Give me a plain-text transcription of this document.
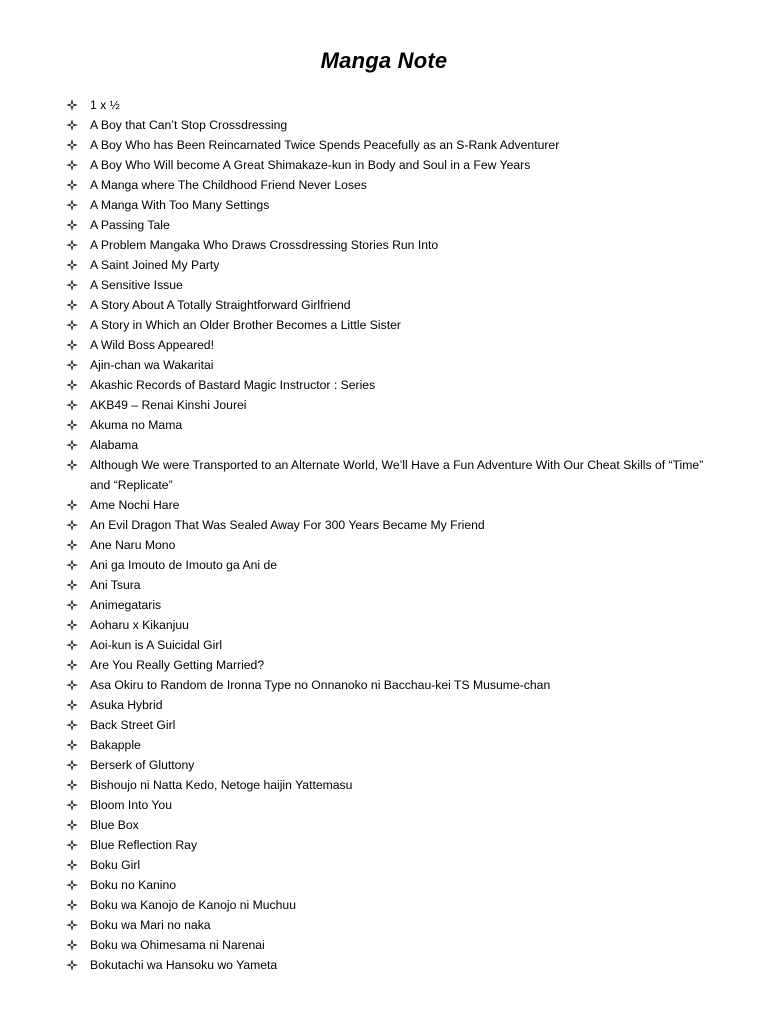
Manga Note
1 x ½
A Boy that Can’t Stop Crossdressing
A Boy Who has Been Reincarnated Twice Spends Peacefully as an S-Rank Adventurer
A Boy Who Will become A Great Shimakaze-kun in Body and Soul in a Few Years
A Manga where The Childhood Friend Never Loses
A Manga With Too Many Settings
A Passing Tale
A Problem Mangaka Who Draws Crossdressing Stories Run Into
A Saint Joined My Party
A Sensitive Issue
A Story About A Totally Straightforward Girlfriend
A Story in Which an Older Brother Becomes a Little Sister
A Wild Boss Appeared!
Ajin-chan wa Wakaritai
Akashic Records of Bastard Magic Instructor : Series
AKB49 – Renai Kinshi Jourei
Akuma no Mama
Alabama
Although We were Transported to an Alternate World, We’ll Have a Fun Adventure With Our Cheat Skills of “Time” and “Replicate”
Ame Nochi Hare
An Evil Dragon That Was Sealed Away For 300 Years Became My Friend
Ane Naru Mono
Ani ga Imouto de Imouto ga Ani de
Ani Tsura
Animegataris
Aoharu x Kikanjuu
Aoi-kun is A Suicidal Girl
Are You Really Getting Married?
Asa Okiru to Random de Ironna Type no Onnanoko ni Bacchau-kei TS Musume-chan
Asuka Hybrid
Back Street Girl
Bakapple
Berserk of Gluttony
Bishoujo ni Natta Kedo, Netoge haijin Yattemasu
Bloom Into You
Blue Box
Blue Reflection Ray
Boku Girl
Boku no Kanino
Boku wa Kanojo de Kanojo ni Muchuu
Boku wa Mari no naka
Boku wa Ohimesama ni Narenai
Bokutachi wa Hansoku wo Yameta
